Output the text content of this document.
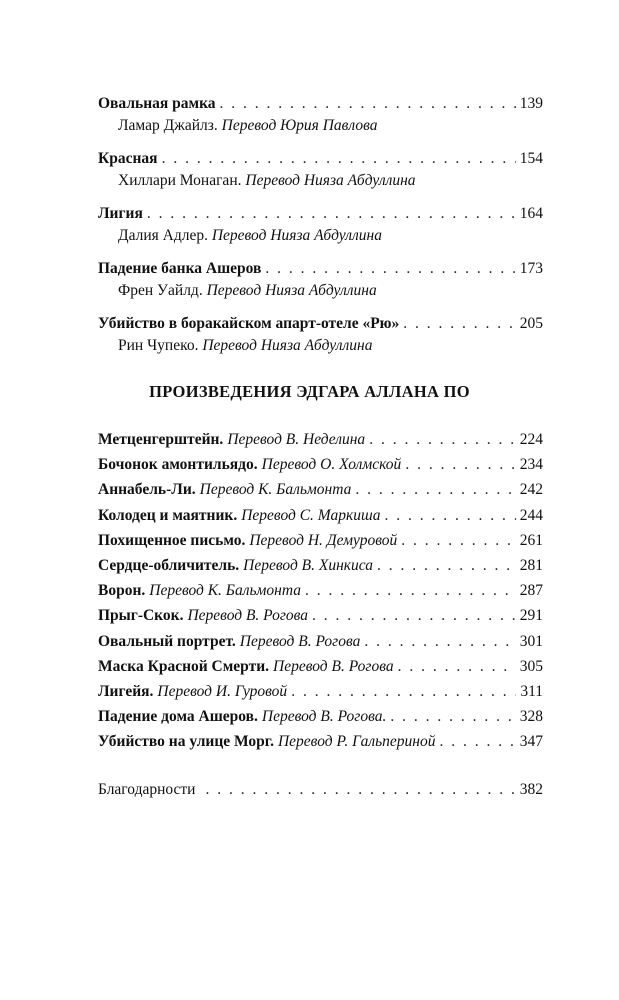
Овальная рамка . . .	139
Ламар Джайлз. Перевод Юрия Павлова
Красная . . .	154
Хиллари Монаган. Перевод Нияза Абдуллина
Лигия . . .	164
Далия Адлер. Перевод Нияза Абдуллина
Падение банка Ашеров . . .	173
Френ Уайлд. Перевод Нияза Абдуллина
Убийство в боракайском апарт-отеле «Рю» . . .	205
Рин Чупеко. Перевод Нияза Абдуллина
ПРОИЗВЕДЕНИЯ ЭДГАРА АЛЛАНА ПО
Метценгерштейн. Перевод В. Неделина . . .	224
Бочонок амонтильядо. Перевод О. Холмской . . .	234
Аннабель-Ли. Перевод К. Бальмонта . . .	242
Колодец и маятник. Перевод С. Маркиша . . .	244
Похищенное письмо. Перевод Н. Демуровой . . .	261
Сердце-обличитель. Перевод В. Хинкиса . . .	281
Ворон. Перевод К. Бальмонта . . .	287
Прыг-Скок. Перевод В. Рогова . . .	291
Овальный портрет. Перевод В. Рогова . . .	301
Маска Красной Смерти. Перевод В. Рогова . . .	305
Лигейя. Перевод И. Гуровой . . .	311
Падение дома Ашеров. Перевод В. Рогова. . . .	328
Убийство на улице Морг. Перевод Р. Гальпериной . . .	347
Благодарности . . .	382
